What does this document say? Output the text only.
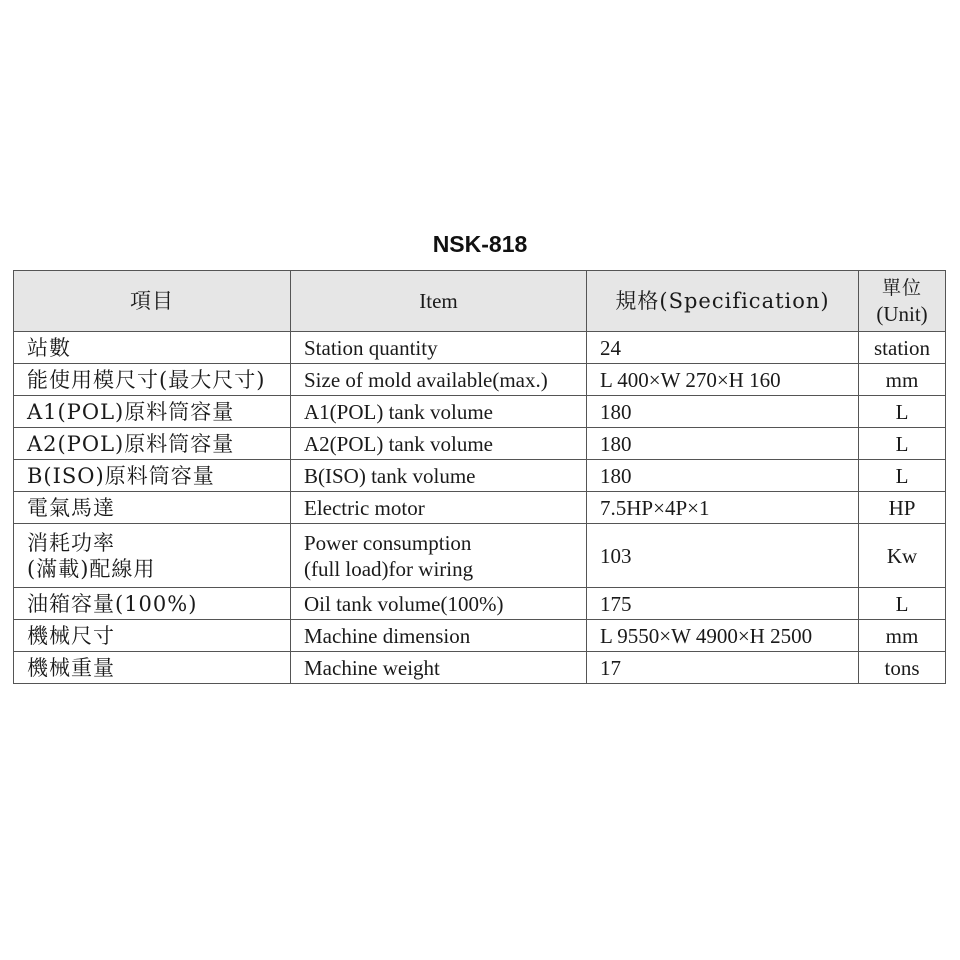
NSK-818
項目	Item	規格(Specification)	單位
(Unit)

站數	Station quantity	24	station

能使用模尺寸(最大尺寸)	Size of mold available(max.)	L 400×W 270×H 160	mm

A1(POL)原料筒容量	A1(POL) tank volume	180	L

A2(POL)原料筒容量	A2(POL) tank volume	180	L

B(ISO)原料筒容量	B(ISO) tank volume	180	L

電氣馬達	Electric motor	7.5HP×4P×1	HP

消耗功率
(滿載)配線用	Power consumption
(full load)for wiring	103	Kw

油箱容量(100%)	Oil tank volume(100%)	175	L

機械尺寸	Machine dimension	L 9550×W 4900×H 2500	mm

機械重量	Machine weight	17	tons
